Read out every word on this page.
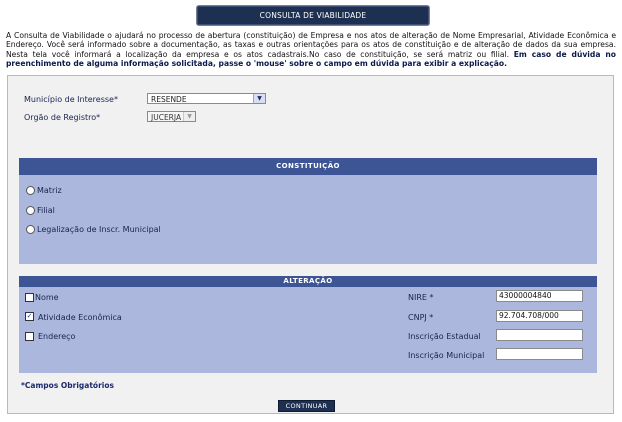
CONSULTA DE VIABILIDADE
A Consulta de Viabilidade o ajudará no processo de abertura (constituição) de Empresa e nos atos de alteração de Nome Empresarial, Atividade Econômica e Endereço. Você será informado sobre a documentação, as taxas e outras orientações para os atos de constituição e de alteração de dados da sua empresa. Nesta tela você informará a localização da empresa e os atos cadastrais.No caso de constituição, se será matriz ou filial. Em caso de dúvida no preenchimento de alguma informação solicitada, passe o 'mouse' sobre o campo em dúvida para exibir a explicação.
Município de Interesse*	RESENDE	▼
Orgão de Registro*	JUCERJA	▼
CONSTITUIÇÃO
Matriz
Filial
Legalização de Inscr. Municipal
ALTERAÇÃO
Nome
✓ Atividade Econômica
Endereço
NIRE *	43000004840
CNPJ *	92.704.708/000
Inscrição Estadual
Inscrição Municipal
*Campos Obrigatórios
CONTINUAR
